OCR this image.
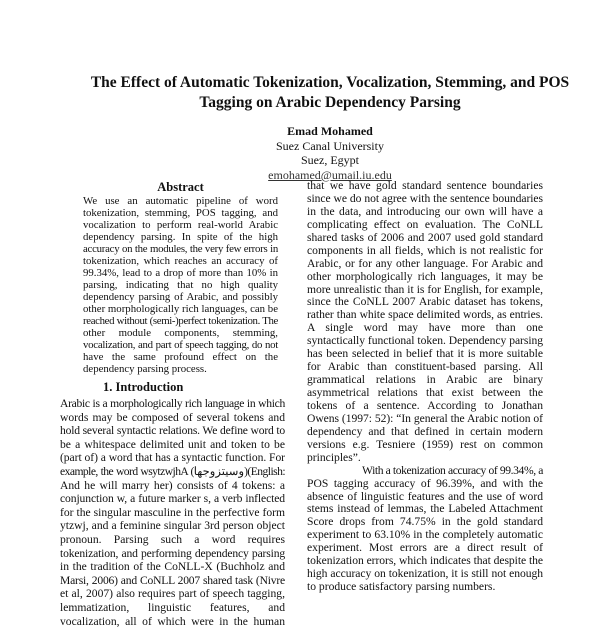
The Effect of Automatic Tokenization, Vocalization, Stemming, and POS
Tagging on Arabic Dependency Parsing
Emad Mohamed
Suez Canal University
Suez, Egypt
emohamed@umail.iu.edu
Abstract
We use an automatic pipeline of word
tokenization, stemming, POS tagging, and
vocalization to perform real-world Arabic
dependency parsing. In spite of the high
accuracy on the modules, the very few errors in
tokenization, which reaches an accuracy of
99.34%, lead to a drop of more than 10% in
parsing, indicating that no high quality
dependency parsing of Arabic, and possibly
other morphologically rich languages, can be
reached without (semi-)perfect tokenization. The
other module components, stemming,
vocalization, and part of speech tagging, do not
have the same profound effect on the
dependency parsing process.
1. Introduction
Arabic is a morphologically rich language in which
words may be composed of several tokens and
hold several syntactic relations. We define word to
be a whitespace delimited unit and token to be
(part of) a word that has a syntactic function. For
example, the word wsytzwjhA (وسيتزوجها)(English:
And he will marry her) consists of 4 tokens: a
conjunction w, a future marker s, a verb inflected
for the singular masculine in the perfective form
ytzwj, and a feminine singular 3rd person object
pronoun. Parsing such a word requires
tokenization, and performing dependency parsing
in the tradition of the CoNLL-X (Buchholz and
Marsi, 2006) and CoNLL 2007 shared task (Nivre
et al, 2007) also requires part of speech tagging,
lemmatization, linguistic features, and
vocalization, all of which were in the human
that we have gold standard sentence boundaries
since we do not agree with the sentence boundaries
in the data, and introducing our own will have a
complicating effect on evaluation. The CoNLL
shared tasks of 2006 and 2007 used gold standard
components in all fields, which is not realistic for
Arabic, or for any other language. For Arabic and
other morphologically rich languages, it may be
more unrealistic than it is for English, for example,
since the CoNLL 2007 Arabic dataset has tokens,
rather than white space delimited words, as entries.
A single word may have more than one
syntactically functional token. Dependency parsing
has been selected in belief that it is more suitable
for Arabic than constituent-based parsing. All
grammatical relations in Arabic are binary
asymmetrical relations that exist between the
tokens of a sentence. According to Jonathan
Owens (1997: 52): “In general the Arabic notion of
dependency and that defined in certain modern
versions e.g. Tesniere (1959) rest on common
principles”.
With a tokenization accuracy of 99.34%, a
POS tagging accuracy of 96.39%, and with the
absence of linguistic features and the use of word
stems instead of lemmas, the Labeled Attachment
Score drops from 74.75% in the gold standard
experiment to 63.10% in the completely automatic
experiment. Most errors are a direct result of
tokenization errors, which indicates that despite the
high accuracy on tokenization, it is still not enough
to produce satisfactory parsing numbers.
